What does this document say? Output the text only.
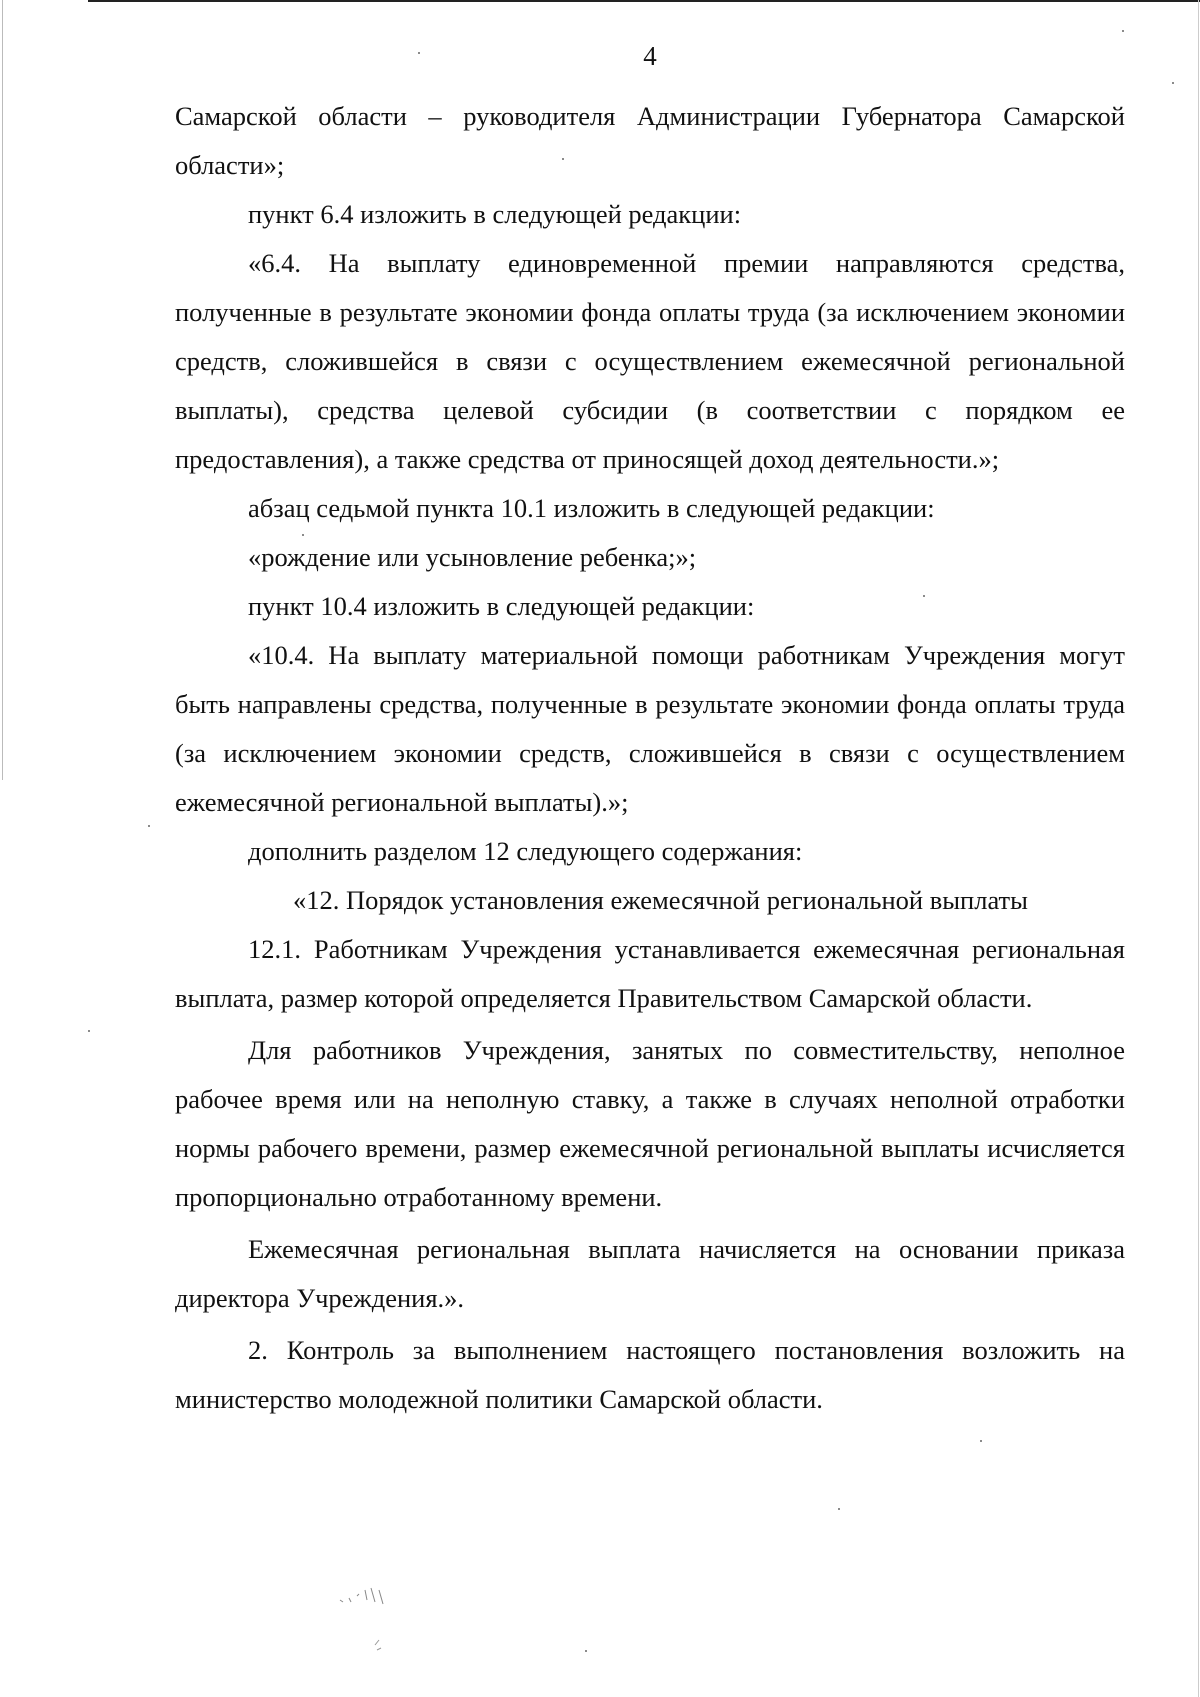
4

Самарской области – руководителя Администрации Губернатора Самарской области»;

пункт 6.4 изложить в следующей редакции:

«6.4. На выплату единовременной премии направляются средства, полученные в результате экономии фонда оплаты труда (за исключением экономии средств, сложившейся в связи с осуществлением ежемесячной региональной выплаты), средства целевой субсидии (в соответствии с порядком ее предоставления), а также средства от приносящей доход деятельности.»;

абзац седьмой пункта 10.1 изложить в следующей редакции:

«рождение или усыновление ребенка;»;

пункт 10.4 изложить в следующей редакции:

«10.4. На выплату материальной помощи работникам Учреждения могут быть направлены средства, полученные в результате экономии фонда оплаты труда (за исключением экономии средств, сложившейся в связи с осуществлением ежемесячной региональной выплаты).»;

дополнить разделом 12 следующего содержания:

«12. Порядок установления ежемесячной региональной выплаты

12.1. Работникам Учреждения устанавливается ежемесячная региональная выплата, размер которой определяется Правительством Самарской области.

Для работников Учреждения, занятых по совместительству, неполное рабочее время или на неполную ставку, а также в случаях неполной отработки нормы рабочего времени, размер ежемесячной региональной выплаты исчисляется пропорционально отработанному времени.

Ежемесячная региональная выплата начисляется на основании приказа директора Учреждения.».

2. Контроль за выполнением настоящего постановления возложить на министерство молодежной политики Самарской области.
